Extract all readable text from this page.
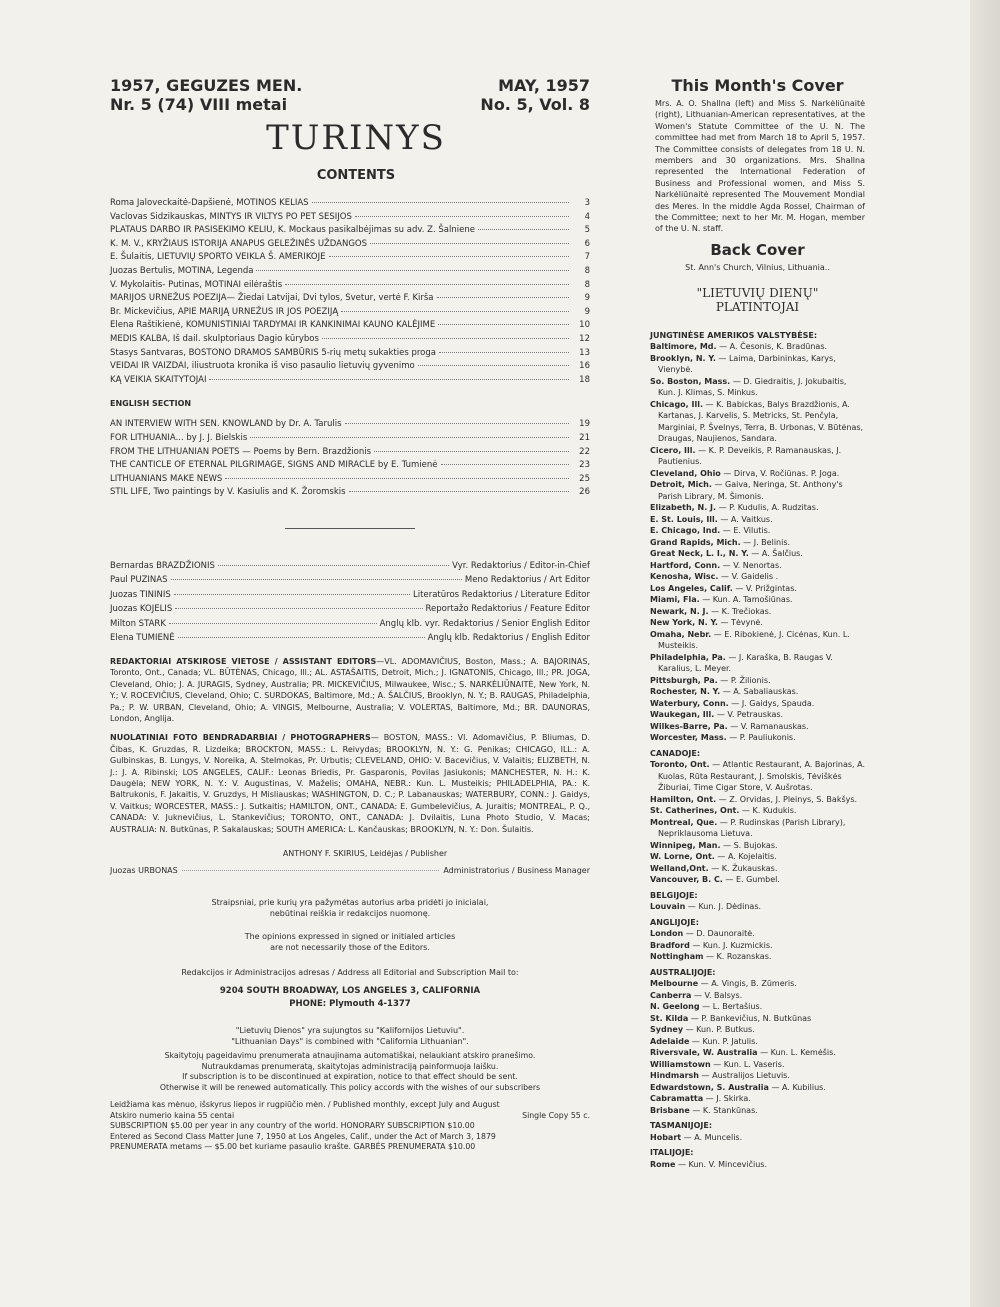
1957, GEGUZES MEN.
Nr. 5 (74) VIII metai
MAY, 1957
No. 5, Vol. 8
TURINYS
CONTENTS
Roma Jaloveckaitė-Dapšienė, MOTINOS KELIAS	3
Vaclovas Sidzikauskas, MINTYS IR VILTYS PO PET SESIJOS	4
PLATAUS DARBO IR PASISEKIMO KELIU, K. Mockaus pasikalbėjimas su adv. Z. Šalniene	5
K. M. V., KRYŽIAUS ISTORIJA ANAPUS GELEŽINĖS UŽDANGOS	6
E. Šulaitis, LIETUVIŲ SPORTO VEIKLA Š. AMERIKOJE	7
Juozas Bertulis, MOTINA, Legenda	8
V. Mykolaitis- Putinas, MOTINAI eilėraštis	8
MARIJOS URNEŽUS POEZIJA— Žiedai Latvijai, Dvi tylos, Svetur, vertė F. Kirša	9
Br. Mickevičius, APIE MARIJĄ URNEŽUS IR JOS POEZIJĄ	9
Elena Raštikienė, KOMUNISTINIAI TARDYMAI IR KANKINIMAI KAUNO KALĖJIME	10
MEDIS KALBA, Iš dail. skulptoriaus Dagio kūrybos	12
Stasys Santvaras, BOSTONO DRAMOS SAMBŪRIS 5-rių metų sukakties proga	13
VEIDAI IR VAIZDAI, iliustruota kronika iš viso pasaulio lietuvių gyvenimo	16
KĄ VEIKIA SKAITYTOJAI	18
ENGLISH SECTION
AN INTERVIEW WITH SEN. KNOWLAND by Dr. A. Tarulis	19
FOR LITHUANIA... by J. J. Bielskis	21
FROM THE LITHUANIAN POETS — Poems by Bern. Brazdžionis	22
THE CANTICLE OF ETERNAL PILGRIMAGE, SIGNS AND MIRACLE by E. Tumienė	23
LITHUANIANS MAKE NEWS	25
STIL LIFE, Two paintings by V. Kasiulis and K. Žoromskis	26
Bernardas BRAZDŽIONIS	Vyr. Redaktorius / Editor-in-Chief
Paul PUZINAS	Meno Redaktorius / Art Editor
Juozas TININIS	Literatūros Redaktorius / Literature Editor
Juozas KOJELIS	Reportažo Redaktorius / Feature Editor
Milton STARK	Anglų klb. vyr. Redaktorius / Senior English Editor
Elena TUMIENĖ	Anglų klb. Redaktorius / English Editor
REDAKTORIAI ATSKIROSE VIETOSE / ASSISTANT EDITORS—VL. ADOMAVIČIUS, Boston, Mass.; A. BAJORINAS, Toronto, Ont., Canada; VL. BŪTĖNAS, Chicago, Ill.; AL. ASTAŠAITIS, Detroit, Mich.; J. IGNATONIS, Chicago, Ill.; PR. JOGA, Cleveland, Ohio; J. A. JURAGIS, Sydney, Australia; PR. MICKEVIČIUS, Milwaukee, Wisc.; S. NARKĖLIŪNAITĖ, New York, N. Y.; V. ROCEVIČIUS, Cleveland, Ohio; C. SURDOKAS, Baltimore, Md.; A. ŠALČIUS, Brooklyn, N. Y.; B. RAUGAS, Philadelphia, Pa.; P. W. URBAN, Cleveland, Ohio; A. VINGIS, Melbourne, Australia; V. VOLERTAS, Baltimore, Md.; BR. DAUNORAS, London, Anglija.
NUOLATINIAI FOTO BENDRADARBIAI / PHOTOGRAPHERS— BOSTON, MASS.: Vl. Adomavičius, P. Bliumas, D. Čibas, K. Gruzdas, R. Lizdeika; BROCKTON, MASS.: L. Reivydas; BROOKLYN, N. Y.: G. Penikas; CHICAGO, ILL.: A. Gulbinskas, B. Lungys, V. Noreika, A. Stelmokas, Pr. Urbutis; CLEVELAND, OHIO: V. Bacevičius, V. Valaitis; ELIZBETH, N. J.: J. A. Ribinski; LOS ANGELES, CALIF.: Leonas Briedis, Pr. Gasparonis, Povilas Jasiukonis; MANCHESTER, N. H.: K. Daugėla; NEW YORK, N. Y.: V. Augustinas, V. Maželis; OMAHA, NEBR.: Kun. L. Musteikis; PHILADELPHIA, PA.: K. Baltrukonis, F. Jakaitis, V. Gruzdys, H Misliauskas; WASHINGTON, D. C.; P. Labanauskas; WATERBURY, CONN.: J. Gaidys, V. Vaitkus; WORCESTER, MASS.: J. Sutkaitis; HAMILTON, ONT., CANADA: E. Gumbelevičius, A. Juraitis; MONTREAL, P. Q., CANADA: V. Juknevičius, L. Stankevičius; TORONTO, ONT., CANADA: J. Dvilaitis, Luna Photo Studio, V. Macas; AUSTRALIA: N. Butkūnas, P. Sakalauskas; SOUTH AMERICA: L. Kančauskas; BROOKLYN, N. Y.: Don. Šulaitis.
ANTHONY F. SKIRIUS, Leidėjas / Publisher
Juozas URBONAS	Administratorius / Business Manager
Straipsniai, prie kurių yra pažymėtas autorius arba pridėti jo inicialai,
nebūtinai reiškia ir redakcijos nuomonę.
The opinions expressed in signed or initialed articles
are not necessarily those of the Editors.
Redakcijos ir Administracijos adresas / Address all Editorial and Subscription Mail to:
9204 SOUTH BROADWAY, LOS ANGELES 3, CALIFORNIA
PHONE: Plymouth 4-1377
"Lietuvių Dienos" yra sujungtos su "Kalifornijos Lietuviu".
"Lithuanian Days" is combined with "California Lithuanian".
Skaitytojų pageidavimu prenumerata atnaujinama automatiškai, nelaukiant atskiro pranešimo.
Nutraukdamas prenumeratą, skaitytojas administraciją painformuoja laišku.
If subscription is to be discontinued at expiration, notice to that effect should be sent.
Otherwise it will be renewed automatically. This policy accords with the wishes of our subscribers
Leidžiama kas mėnuo, išskyrus liepos ir rugpiūčio mėn. / Published monthly, except July and August
Atskiro numerio kaina 55 centai	Single Copy 55 c.
SUBSCRIPTION $5.00 per year in any country of the world. HONORARY SUBSCRIPTION $10.00
Entered as Second Class Matter June 7, 1950 at Los Angeles, Calif., under the Act of March 3, 1879
PRENUMERATA metams — $5.00 bet kuriame pasaulio krašte. GARBĖS PRENUMERATA $10.00
This Month's Cover
Mrs. A. O. Shallna (left) and Miss S. Narkėliūnaitė (right), Lithuanian-American representatives, at the Women's Statute Committee of the U. N. The committee had met from March 18 to April 5, 1957. The Committee consists of delegates from 18 U. N. members and 30 organizations. Mrs. Shallna represented the International Federation of Business and Professional women, and Miss S. Narkėliūnaitė represented The Mouvement Mondial des Meres. In the middle Agda Rossel, Chairman of the Committee; next to her Mr. M. Hogan, member of the U. N. staff.
Back Cover
St. Ann's Church, Vilnius, Lithuania..
"LIETUVIŲ DIENŲ"
PLATINTOJAI
JUNGTINĖSE AMERIKOS VALSTYBĖSE:
Baltimore, Md. — A. Česonis, K. Bradūnas.
Brooklyn, N. Y. — Laima, Darbininkas, Karys, Vienybė.
So. Boston, Mass. — D. Giedraitis, J. Jokubaitis, Kun. J. Klimas, S. Minkus.
Chicago, Ill. — K. Babickas, Balys Brazdžionis, A. Kartanas, J. Karvelis, S. Metricks, St. Penčyla, Marginiai, P. Švelnys, Terra, B. Urbonas, V. Būtėnas, Draugas, Naujienos, Sandara.
Cicero, Ill. — K. P. Deveikis, P. Ramanauskas, J. Pautienius.
Cleveland, Ohio — Dirva, V. Ročiūnas. P. Joga.
Detroit, Mich. — Gaiva, Neringa, St. Anthony's Parish Library, M. Šimonis.
Elizabeth, N. J. — P. Kudulis, A. Rudzitas.
E. St. Louis, Ill. — A. Vaitkus.
E. Chicago, Ind. — E. Vilutis.
Grand Rapids, Mich. — J. Belinis.
Great Neck, L. I., N. Y. — A. Šalčius.
Hartford, Conn. — V. Nenortas.
Kenosha, Wisc. — V. Gaidelis .
Los Angeles, Calif. — V. Prižgintas.
Miami, Fla. — Kun. A. Tamošiūnas.
Newark, N. J. — K. Trečiokas.
New York, N. Y. — Tėvynė.
Omaha, Nebr. — E. Ribokienė, J. Cicėnas, Kun. L. Musteikis.
Philadelphia, Pa. — J. Karaška, B. Raugas V. Karalius, L. Meyer.
Pittsburgh, Pa. — P. Žilionis.
Rochester, N. Y. — A. Sabaliauskas.
Waterbury, Conn. — J. Gaidys, Spauda.
Waukegan, Ill. — V. Petrauskas.
Wilkes-Barre, Pa. — V. Ramanauskas.
Worcester, Mass. — P. Pauliukonis.
CANADOJE:
Toronto, Ont. — Atlantic Restaurant, A. Bajorinas, A. Kuolas, Rūta Restaurant, J. Smolskis, Tėviškės Žiburiai, Time Cigar Store, V. Aušrotas.
Hamilton, Ont. — Z. Orvidas, J. Pleinys, S. Bakšys.
St. Catherines, Ont. — K. Kudukis.
Montreal, Que. — P. Rudinskas (Parish Library), Nepriklausoma Lietuva.
Winnipeg, Man. — S. Bujokas.
W. Lorne, Ont. — A. Kojelaitis.
Welland,Ont. — K. Žukauskas.
Vancouver, B. C. — E. Gumbel.
BELGIJOJE:
Louvain — Kun. J. Dėdinas.
ANGLIJOJE:
London — D. Daunoraitė.
Bradford — Kun. J. Kuzmickis.
Nottingham — K. Rozanskas.
AUSTRALIJOJE:
Melbourne — A. Vingis, B. Zūmeris.
Canberra — V. Balsys.
N. Geelong — L. Bertašius.
St. Kilda — P. Bankevičius, N. Butkūnas
Sydney — Kun. P. Butkus.
Adelaide — Kun. P. Jatulis.
Riversvale, W. Australia — Kun. L. Kemėšis.
Williamstown — Kun. L. Vaseris.
Hindmarsh — Australijos Lietuvis.
Edwardstown, S. Australia — A. Kubilius.
Cabramatta — J. Skirka.
Brisbane — K. Stankūnas.
TASMANIJOJE:
Hobart — A. Muncelis.
ITALIJOJE:
Rome — Kun. V. Mincevičius.
